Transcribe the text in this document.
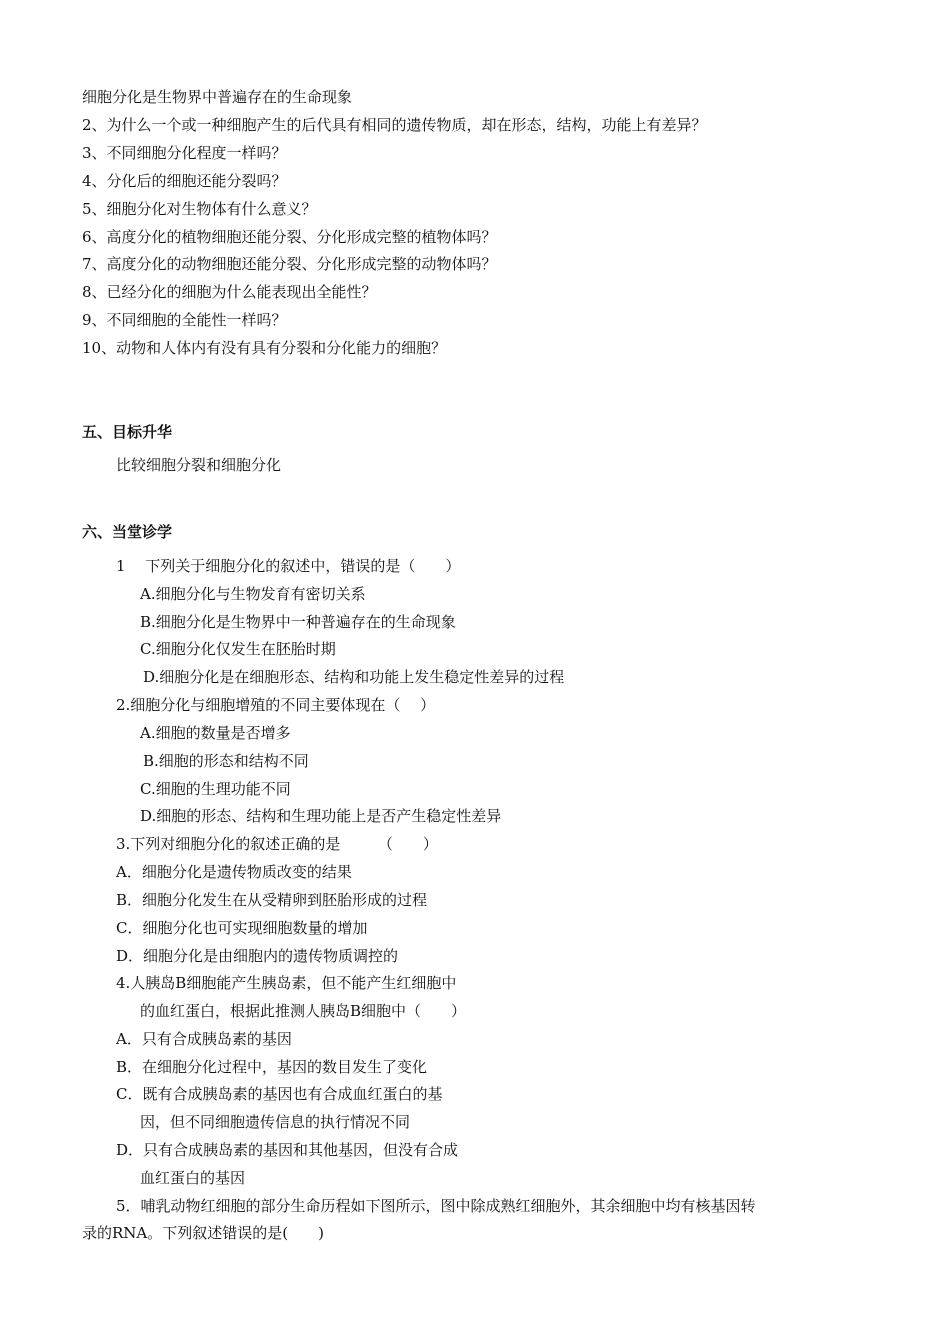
细胞分化是生物界中普遍存在的生命现象
2、为什么一个或一种细胞产生的后代具有相同的遗传物质，却在形态，结构，功能上有差异？
3、不同细胞分化程度一样吗？
4、分化后的细胞还能分裂吗？
5、细胞分化对生物体有什么意义？
6、高度分化的植物细胞还能分裂、分化形成完整的植物体吗？
7、高度分化的动物细胞还能分裂、分化形成完整的动物体吗？
8、已经分化的细胞为什么能表现出全能性？
9、不同细胞的全能性一样吗？
10、动物和人体内有没有具有分裂和分化能力的细胞？
五、目标升华
比较细胞分裂和细胞分化
六、当堂诊学
1　 下列关于细胞分化的叙述中，错误的是（　　）
A.细胞分化与生物发育有密切关系
B.细胞分化是生物界中一种普遍存在的生命现象
C.细胞分化仅发生在胚胎时期
D.细胞分化是在细胞形态、结构和功能上发生稳定性差异的过程
2.细胞分化与细胞增殖的不同主要体现在（　 ）
A.细胞的数量是否增多
B.细胞的形态和结构不同
C.细胞的生理功能不同
D.细胞的形态、结构和生理功能上是否产生稳定性差异
3.下列对细胞分化的叙述正确的是　　　（　　）
A．细胞分化是遗传物质改变的结果
B．细胞分化发生在从受精卵到胚胎形成的过程
C．细胞分化也可实现细胞数量的增加
D．细胞分化是由细胞内的遗传物质调控的
4.人胰岛B细胞能产生胰岛素，但不能产生红细胞中
的血红蛋白，根据此推测人胰岛B细胞中（　　）
A．只有合成胰岛素的基因
B．在细胞分化过程中，基因的数目发生了变化
C．既有合成胰岛素的基因也有合成血红蛋白的基
因，但不同细胞遗传信息的执行情况不同
D．只有合成胰岛素的基因和其他基因，但没有合成
血红蛋白的基因
5．哺乳动物红细胞的部分生命历程如下图所示，图中除成熟红细胞外，其余细胞中均有核基因转
录的RNA。下列叙述错误的是(　　)
